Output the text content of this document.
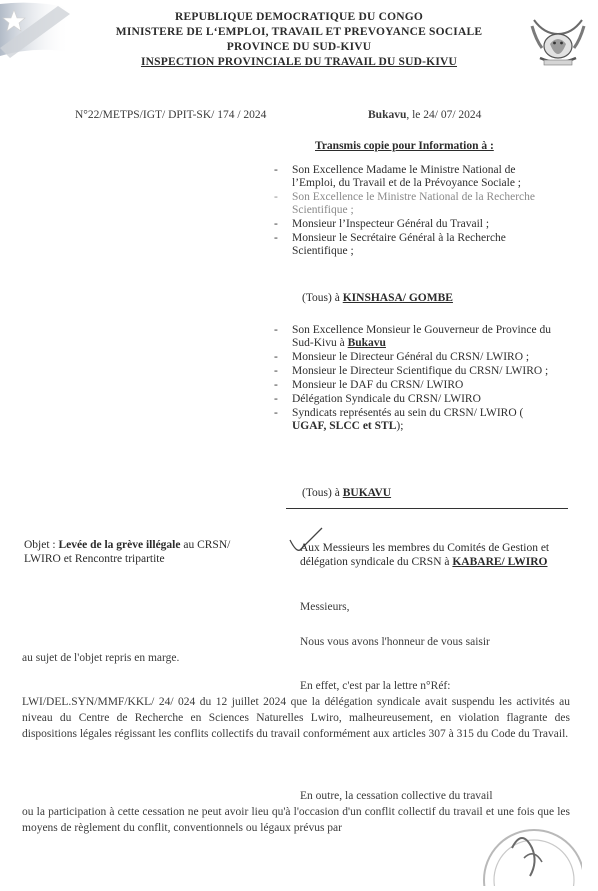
REPUBLIQUE DEMOCRATIQUE DU CONGO
MINISTERE DE L‘EMPLOI, TRAVAIL ET PREVOYANCE SOCIALE
PROVINCE DU SUD-KIVU
INSPECTION PROVINCIALE DU TRAVAIL DU SUD-KIVU
N°22/METPS/IGT/ DPIT-SK/ 174 / 2024	Bukavu, le 24/ 07/ 2024
Transmis copie pour Information à :
- Son Excellence Madame le Ministre National de l’Emploi, du Travail et de la Prévoyance Sociale ;
- Son Excellence le Ministre National de la Recherche Scientifique ;
- Monsieur l’Inspecteur Général du Travail ;
- Monsieur le Secrétaire Général à la Recherche Scientifique ;
(Tous) à KINSHASA/ GOMBE
- Son Excellence Monsieur le Gouverneur de Province du Sud-Kivu à Bukavu
- Monsieur le Directeur Général du CRSN/ LWIRO ;
- Monsieur le Directeur Scientifique du CRSN/ LWIRO ;
- Monsieur le DAF du CRSN/ LWIRO
- Délégation Syndicale du CRSN/ LWIRO
- Syndicats représentés au sein du CRSN/ LWIRO ( UGAF, SLCC et STL);
(Tous) à BUKAVU
Objet : Levée de la grève illégale au CRSN/ LWIRO et Rencontre tripartite
Aux Messieurs les membres du Comités de Gestion et délégation syndicale du CRSN à KABARE/ LWIRO
Messieurs,
Nous vous avons l'honneur de vous saisir
au sujet de l'objet repris en marge.
En effet, c'est par la lettre n°Réf:
LWI/DEL.SYN/MMF/KKL/ 24/ 024 du 12 juillet 2024 que la délégation syndicale avait suspendu les activités au niveau du Centre de Recherche en Sciences Naturelles Lwiro, malheureusement, en violation flagrante des dispositions légales régissant les conflits collectifs du travail conformément aux articles 307 à 315 du Code du Travail.
En outre, la cessation collective du travail
ou la participation à cette cessation ne peut avoir lieu qu'à l'occasion d'un conflit collectif du travail et une fois que les moyens de règlement du conflit, conventionnels ou légaux prévus par
